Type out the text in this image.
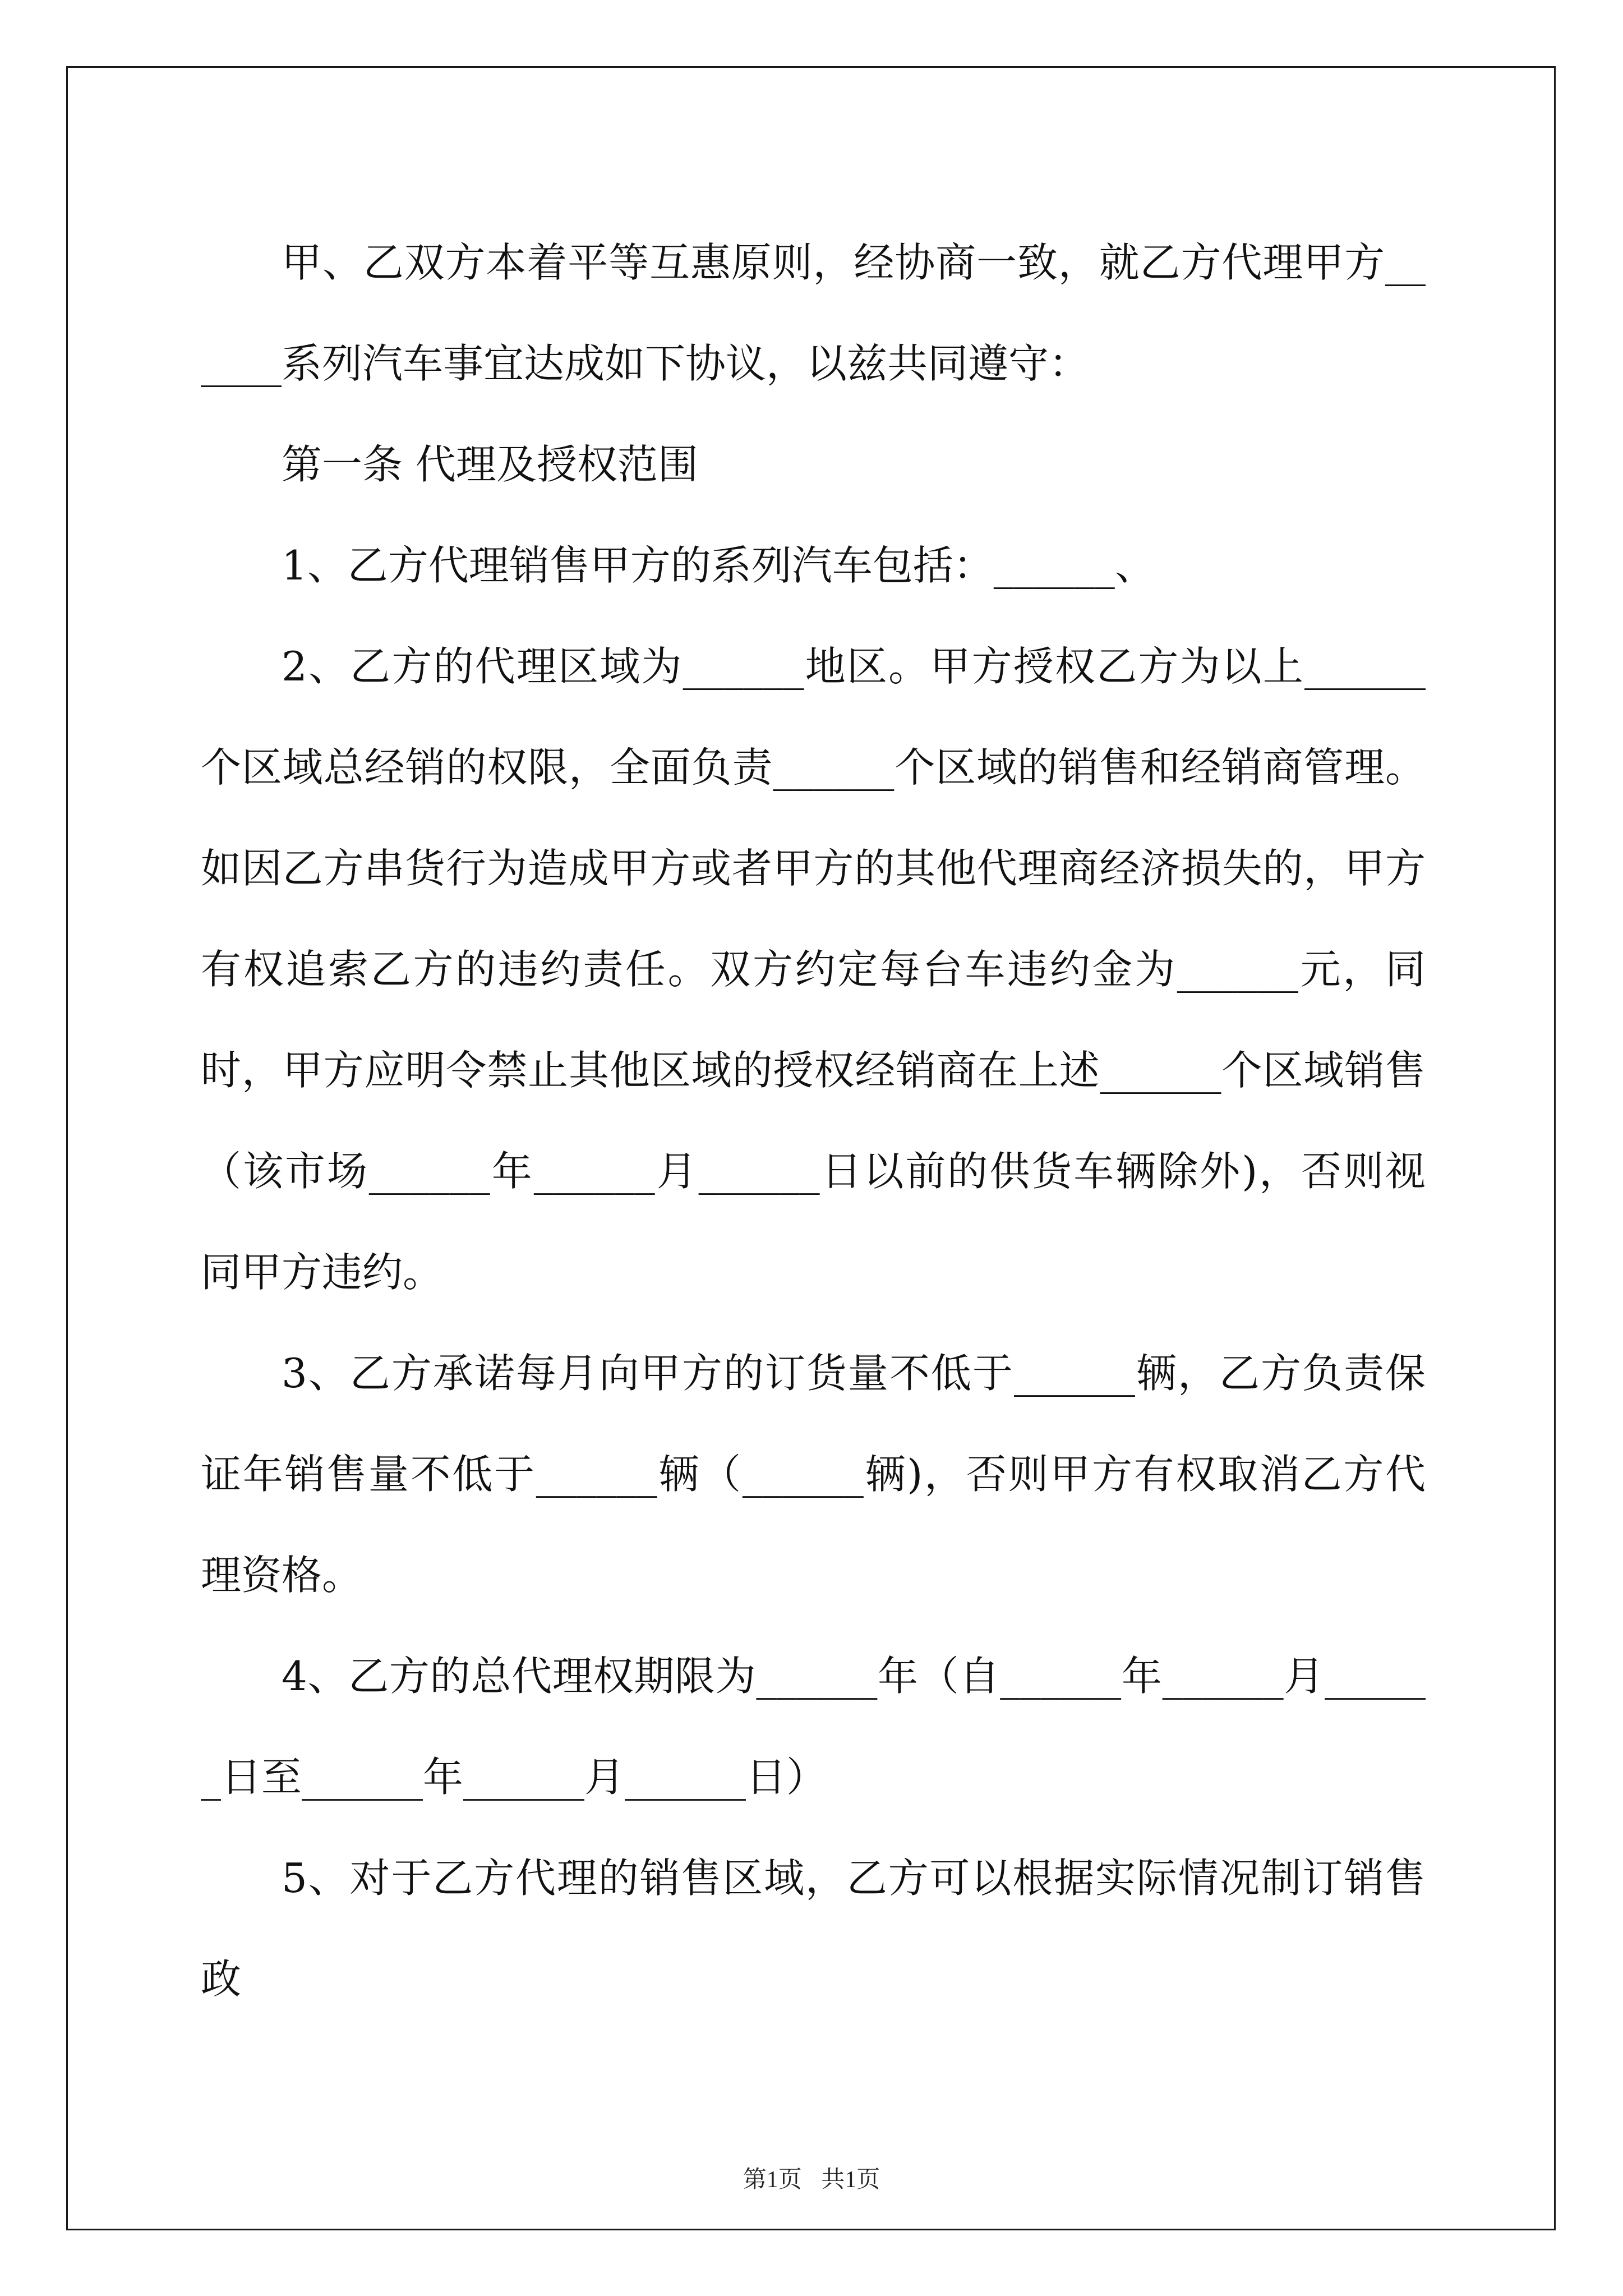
甲、乙双方本着平等互惠原则，经协商一致，就乙方代理甲方______系列汽车事宜达成如下协议，以兹共同遵守：

第一条 代理及授权范围

1、乙方代理销售甲方的系列汽车包括：______、

2、乙方的代理区域为______地区。甲方授权乙方为以上______个区域总经销的权限，全面负责______个区域的销售和经销商管理。如因乙方串货行为造成甲方或者甲方的其他代理商经济损失的，甲方有权追索乙方的违约责任。双方约定每台车违约金为______元，同时，甲方应明令禁止其他区域的授权经销商在上述______个区域销售（该市场______年______月______日以前的供货车辆除外)，否则视同甲方违约。

3、乙方承诺每月向甲方的订货量不低于______辆，乙方负责保证年销售量不低于______辆（______辆)，否则甲方有权取消乙方代理资格。

4、乙方的总代理权期限为______年（自______年______月______日至______年______月______日）

5、对于乙方代理的销售区域，乙方可以根据实际情况制订销售政

第1页 共1页
